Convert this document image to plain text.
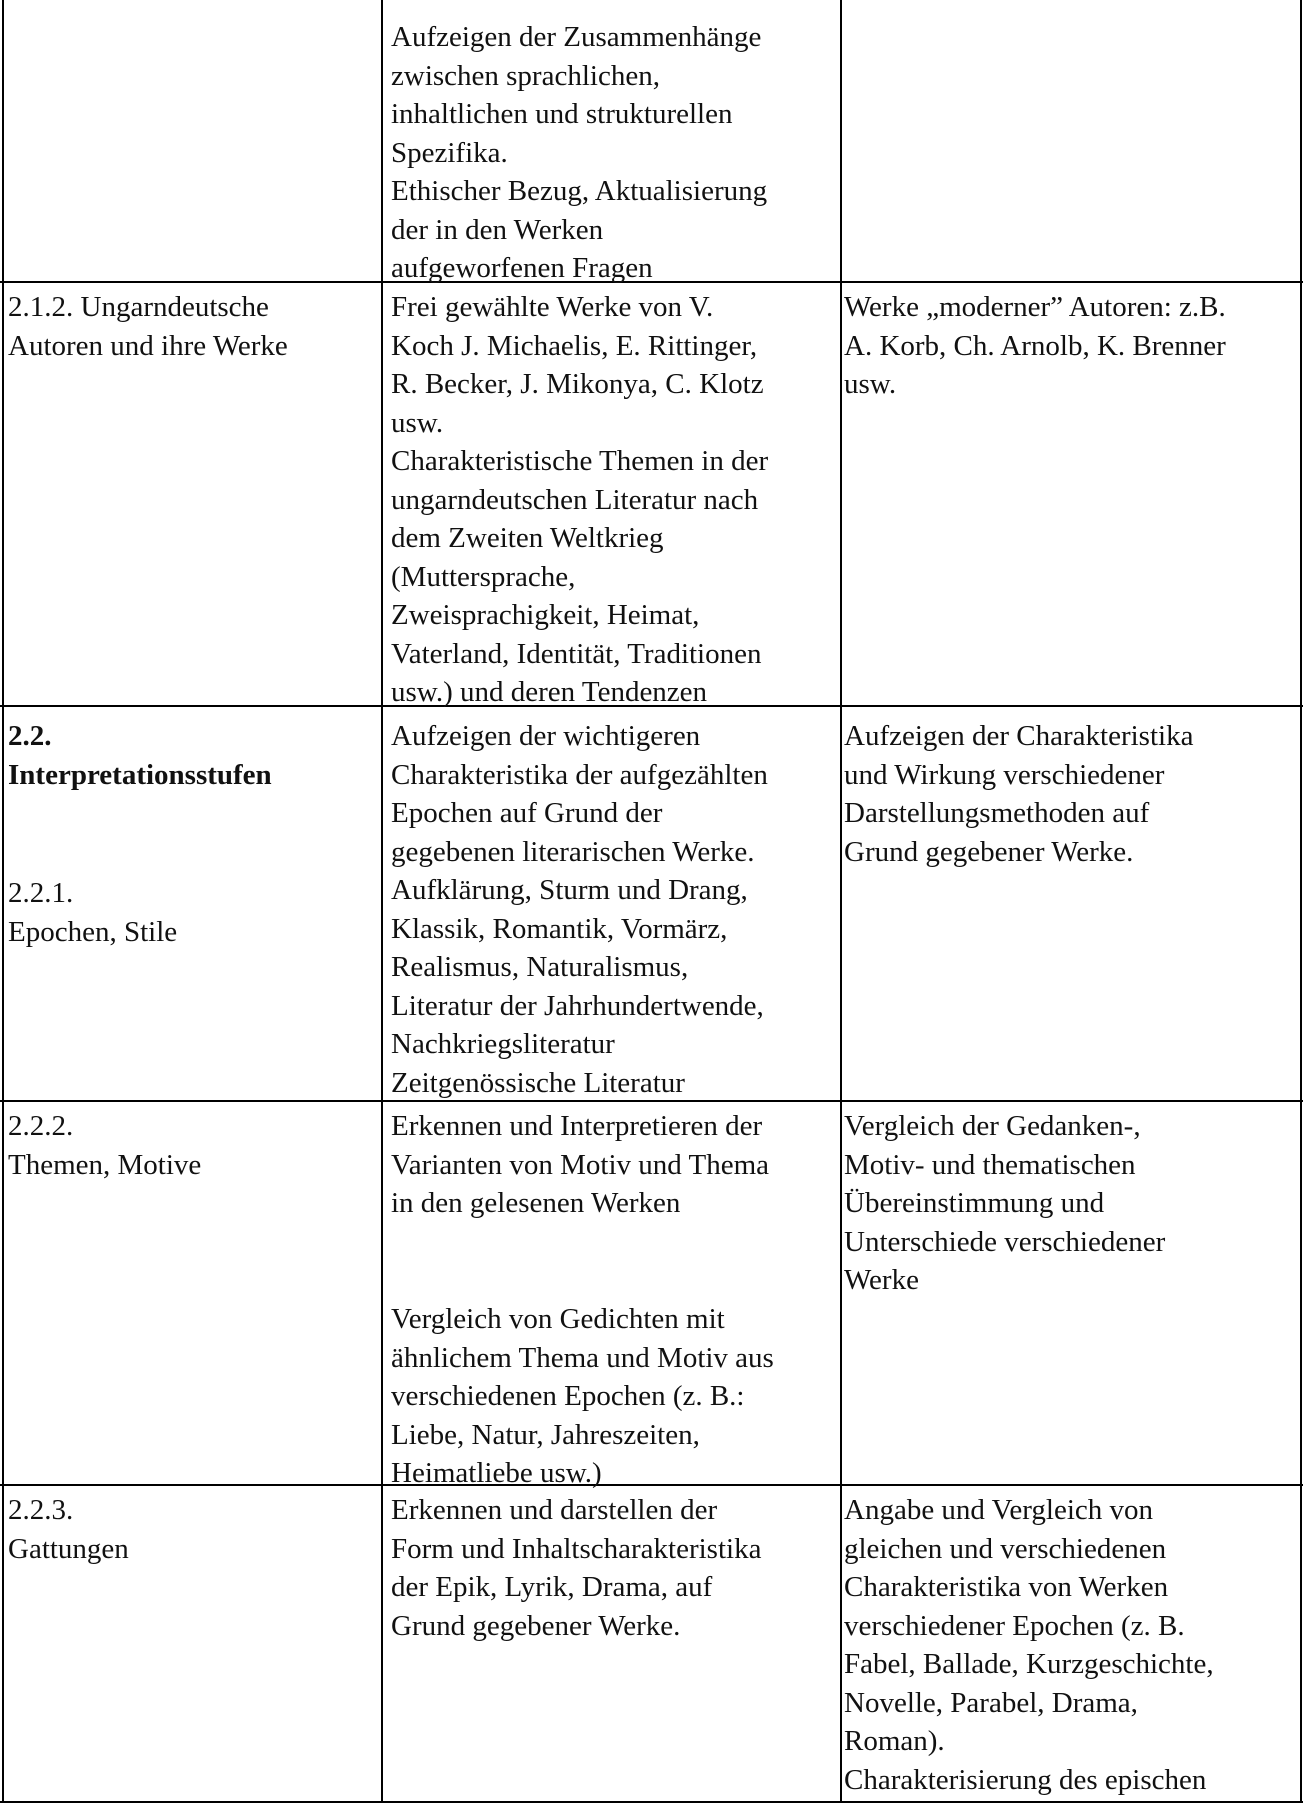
Aufzeigen der Zusammenhänge
zwischen sprachlichen,
inhaltlichen und strukturellen
Spezifika.
Ethischer Bezug, Aktualisierung
der in den Werken
aufgeworfenen Fragen
2.1.2. Ungarndeutsche
Autoren und ihre Werke
Frei gewählte Werke von V.
Koch J. Michaelis, E. Rittinger,
R. Becker, J. Mikonya, C. Klotz
usw.
Charakteristische Themen in der
ungarndeutschen Literatur nach
dem Zweiten Weltkrieg
(Muttersprache,
Zweisprachigkeit, Heimat,
Vaterland, Identität, Traditionen
usw.) und deren Tendenzen
Werke „moderner” Autoren: z.B.
A. Korb, Ch. Arnolb, K. Brenner
usw.
2.2.
Interpretationsstufen
2.2.1.
Epochen, Stile
Aufzeigen der wichtigeren
Charakteristika der aufgezählten
Epochen auf Grund der
gegebenen literarischen Werke.
Aufklärung, Sturm und Drang,
Klassik, Romantik, Vormärz,
Realismus, Naturalismus,
Literatur der Jahrhundertwende,
Nachkriegsliteratur
Zeitgenössische Literatur
Aufzeigen der Charakteristika
und Wirkung verschiedener
Darstellungsmethoden auf
Grund gegebener Werke.
2.2.2.
Themen, Motive
Erkennen und Interpretieren der
Varianten von Motiv und Thema
in den gelesenen Werken
Vergleich von Gedichten mit
ähnlichem Thema und Motiv aus
verschiedenen Epochen (z. B.:
Liebe, Natur, Jahreszeiten,
Heimatliebe usw.)
Vergleich der Gedanken-,
Motiv- und thematischen
Übereinstimmung und
Unterschiede verschiedener
Werke
2.2.3.
Gattungen
Erkennen und darstellen der
Form und Inhaltscharakteristika
der Epik, Lyrik, Drama, auf
Grund gegebener Werke.
Angabe und Vergleich von
gleichen und verschiedenen
Charakteristika von Werken
verschiedener Epochen (z. B.
Fabel, Ballade, Kurzgeschichte,
Novelle, Parabel, Drama,
Roman).
Charakterisierung des epischen
